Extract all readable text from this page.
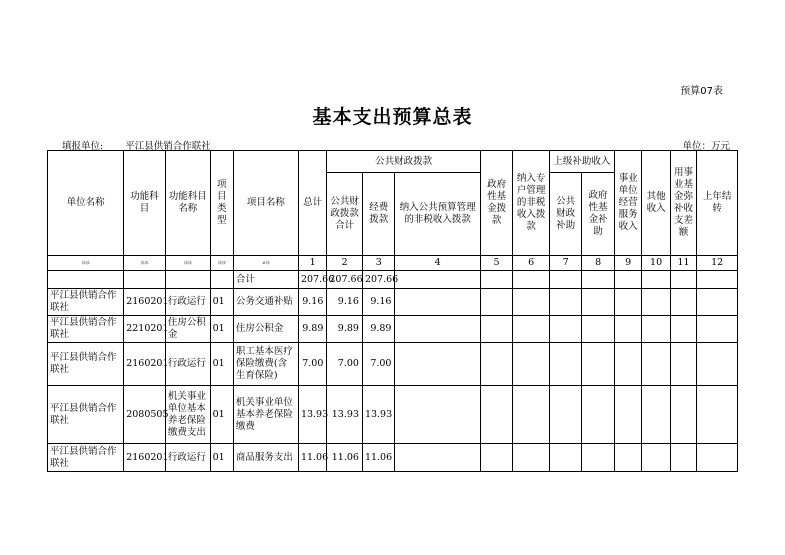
预算07表
基本支出预算总表
填报单位: 平江县供销合作联社	单位：万元
单位名称	功能科目	功能科目名称	项 目类型	项目名称	总计	公共财政拨款			政府性基金拨款	纳入专户管理的非税收入拨款	上级补助收入		事业单位经营服务收入	其他收入	用事业基金弥补收支差额	上年结转
						公共财政拨款合计	经费拨款	纳入公共预算管理的非税收入拨款			公共财政补助	政府性基金补助				
冰冰	冰冰	冰冰	冰冰	#冰	1	2	3	4	5	6	7	8	9	10	11	12
				合计	207.66	207.66	207.66									
平江县供销合作联社	2160201	行政运行	01	公务交通补贴	9.16	9.16	9.16									
平江县供销合作联社	2210201	住房公积金	01	住房公积金	9.89	9.89	9.89									
平江县供销合作联社	2160201	行政运行	01	职工基本医疗保险缴费(含生育保险)	7.00	7.00	7.00									
平江县供销合作联社	2080505	机关事业单位基本养老保险缴费支出	01	机关事业单位基本养老保险缴费	13.93	13.93	13.93									
平江县供销合作联社	2160201	行政运行	01	商品服务支出	11.06	11.06	11.06									
